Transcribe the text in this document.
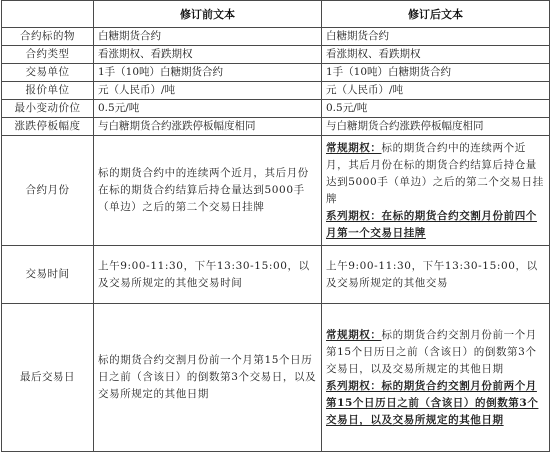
	修订前文本	修订后文本
合约标的物	白糖期货合约	白糖期货合约
合约类型	看涨期权、看跌期权	看涨期权、看跌期权
交易单位	1手（10吨）白糖期货合约	1手（10吨）白糖期货合约
报价单位	元（人民币）/吨	元（人民币）/吨
最小变动价位	0.5元/吨	0.5元/吨
涨跌停板幅度	与白糖期货合约涨跌停板幅度相同	与白糖期货合约涨跌停板幅度相同
合约月份	标的期货合约中的连续两个近月，其后月份在标的期货合约结算后持仓量达到5000手（单边）之后的第二个交易日挂牌	常规期权：标的期货合约中的连续两个近月，其后月份在标的期货合约结算后持仓量达到5000手（单边）之后的第二个交易日挂牌
系列期权：在标的期货合约交割月份前四个月第一个交易日挂牌

交易时间	上午9:00-11:30，下午13:30-15:00，以及交易所规定的其他交易时间	上午9:00-11:30，下午13:30-15:00，以及交易所规定的其他交易
最后交易日	标的期货合约交割月份前一个月第15个日历日之前（含该日）的倒数第3个交易日，以及交易所规定的其他日期	常规期权：标的期货合约交割月份前一个月第15个日历日之前（含该日）的倒数第3个交易日，以及交易所规定的其他日期
系列期权：标的期货合约交割月份前两个月第15个日历日之前（含该日）的倒数第3个交易日，以及交易所规定的其他日期
